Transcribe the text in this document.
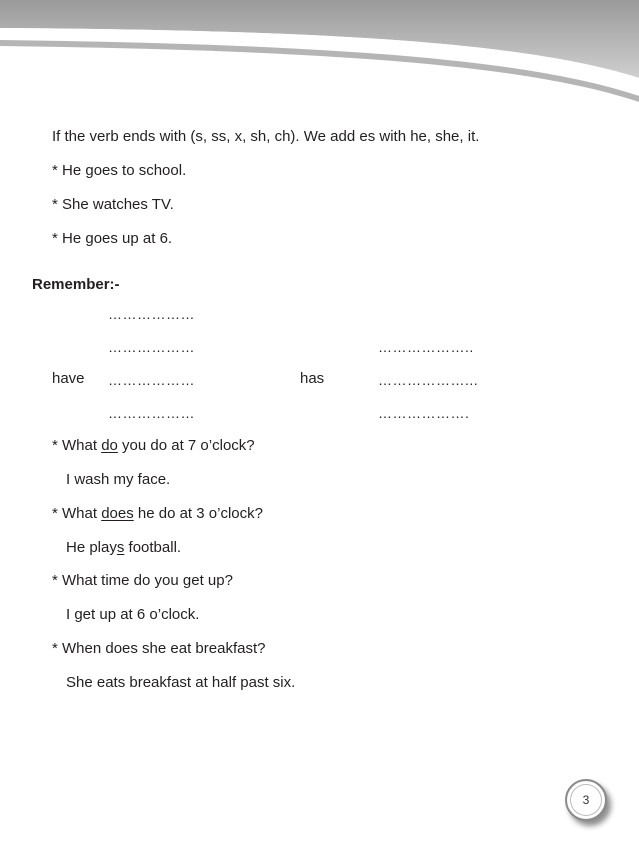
If the verb ends with (s, ss, x, sh, ch). We add es with he, she, it.
* He goes to school.
* She watches TV.
* He goes up at 6.
Remember:-
………………
………………
………………
………………
have	has
………………..
………………...
……………….
* What do you do at 7 o’clock?
I wash my face.
* What does he do at 3 o’clock?
He plays football.
* What time do you get up?
I get up at 6 o’clock.
* When does she eat breakfast?
She eats breakfast at half past six.
3
